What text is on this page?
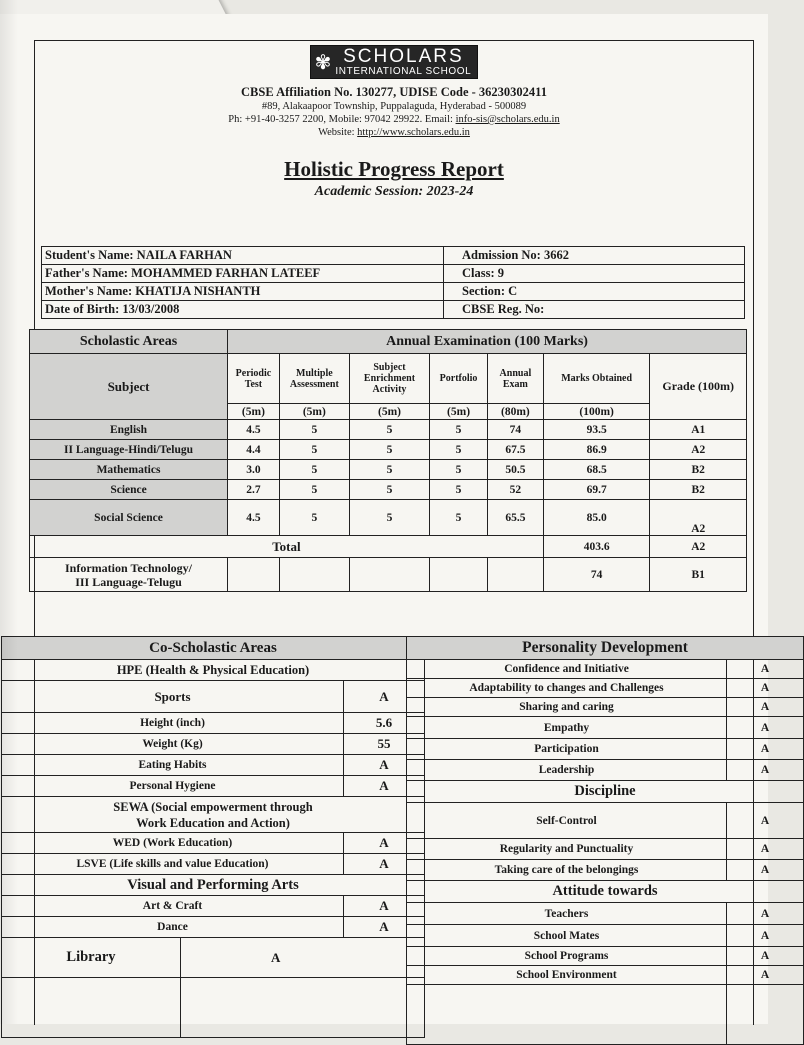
✾ SCHOLARS
INTERNATIONAL SCHOOL
CBSE Affiliation No. 130277, UDISE Code - 36230302411
#89, Alakaapoor Township, Puppalaguda, Hyderabad - 500089
Ph: +91-40-3257 2200, Mobile: 97042 29922. Email: info-sis@scholars.edu.in
Website: http://www.scholars.edu.in
Holistic Progress Report
Academic Session: 2023-24
Student's Name: NAILA FARHAN	Admission No: 3662
Father's Name: MOHAMMED FARHAN LATEEF	Class: 9
Mother's Name: KHATIJA NISHANTH	Section: C
Date of Birth: 13/03/2008	CBSE Reg. No:
Scholastic Areas	Annual Examination (100 Marks)						
Subject	Periodic Test	Multiple Assessment	Subject Enrichment Activity	Portfolio	Annual Exam	Marks Obtained	Grade (100m)
	(5m)	(5m)	(5m)	(5m)	(80m)	(100m)	
English	4.5	5	5	5	74	93.5	A1
II Language-Hindi/Telugu	4.4	5	5	5	67.5	86.9	A2
Mathematics	3.0	5	5	5	50.5	68.5	B2
Science	2.7	5	5	5	52	69.7	B2
Social Science	4.5	5	5	5	65.5	85.0	A2
Total						403.6	A2

Information Technology/
III Language-Telugu						74	B1
Co-Scholastic Areas		
HPE (Health & Physical Education)		
Sports		A
Height (inch)		5.6
Weight (Kg)		55
Eating Habits		A
Personal Hygiene		A

SEWA (Social empowerment through
Work Education and Action)		

WED (Work Education)		A
LSVE (Life skills and value Education)		A
Visual and Performing Arts		
Art & Craft		A
Dance		A
Library	A	

Personality Development	
Confidence and Initiative	A
Adaptability to changes and Challenges	A
Sharing and caring	A
Empathy	A
Participation	A
Leadership	A
Discipline	
Self-Control	A
Regularity and Punctuality	A
Taking care of the belongings	A
Attitude towards	
Teachers	A
School Mates	A
School Programs	A
School Environment	A
